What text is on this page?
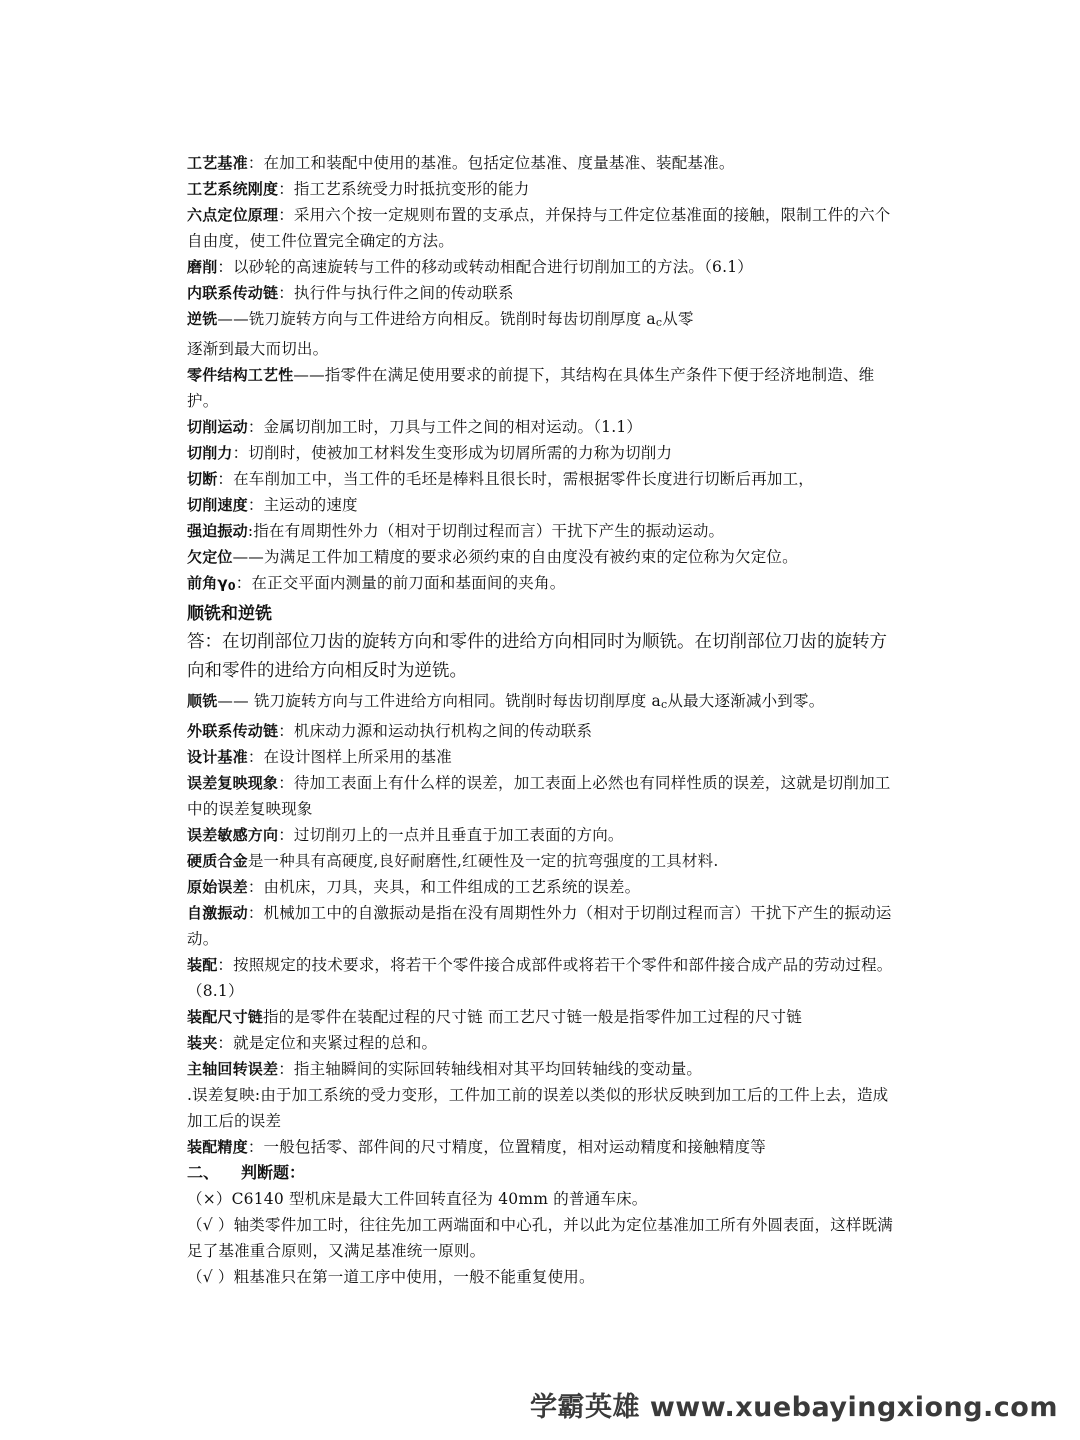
工艺基准：在加工和装配中使用的基准。包括定位基准、度量基准、装配基准。

工艺系统刚度：指工艺系统受力时抵抗变形的能力

六点定位原理：采用六个按一定规则布置的支承点，并保持与工件定位基准面的接触，限制工件的六个自由度，使工件位置完全确定的方法。

磨削：以砂轮的高速旋转与工件的移动或转动相配合进行切削加工的方法。（6.1）

内联系传动链：执行件与执行件之间的传动联系

逆铣——铣刀旋转方向与工件进给方向相反。铣削时每齿切削厚度 ac从零
逐渐到最大而切出。

零件结构工艺性——指零件在满足使用要求的前提下，其结构在具体生产条件下便于经济地制造、维护。

切削运动：金属切削加工时，刀具与工件之间的相对运动。（1.1）

切削力：切削时，使被加工材料发生变形成为切屑所需的力称为切削力

切断：在车削加工中，当工件的毛坯是棒料且很长时，需根据零件长度进行切断后再加工，

切削速度：主运动的速度

强迫振动:指在有周期性外力（相对于切削过程而言）干扰下产生的振动运动。

欠定位——为满足工件加工精度的要求必须约束的自由度没有被约束的定位称为欠定位。

前角γ0：在正交平面内测量的前刀面和基面间的夹角。

顺铣和逆铣

答：在切削部位刀齿的旋转方向和零件的进给方向相同时为顺铣。在切削部位刀齿的旋转方向和零件的进给方向相反时为逆铣。

顺铣—— 铣刀旋转方向与工件进给方向相同。铣削时每齿切削厚度 ac从最大逐渐减小到零。

外联系传动链：机床动力源和运动执行机构之间的传动联系

设计基准：在设计图样上所采用的基准

误差复映现象：待加工表面上有什么样的误差，加工表面上必然也有同样性质的误差，这就是切削加工中的误差复映现象

误差敏感方向：过切削刃上的一点并且垂直于加工表面的方向。

硬质合金是一种具有高硬度,良好耐磨性,红硬性及一定的抗弯强度的工具材料.

原始误差：由机床，刀具，夹具，和工件组成的工艺系统的误差。

自激振动：机械加工中的自激振动是指在没有周期性外力（相对于切削过程而言）干扰下产生的振动运动。

装配：按照规定的技术要求，将若干个零件接合成部件或将若干个零件和部件接合成产品的劳动过程。（8.1）

装配尺寸链指的是零件在装配过程的尺寸链 而工艺尺寸链一般是指零件加工过程的尺寸链

装夹：就是定位和夹紧过程的总和。

主轴回转误差：指主轴瞬间的实际回转轴线相对其平均回转轴线的变动量。

.误差复映:由于加工系统的受力变形，工件加工前的误差以类似的形状反映到加工后的工件上去，造成加工后的误差

装配精度：一般包括零、部件间的尺寸精度，位置精度，相对运动精度和接触精度等

二、 判断题：

（×）C6140 型机床是最大工件回转直径为 40mm 的普通车床。

（√ ）轴类零件加工时，往往先加工两端面和中心孔，并以此为定位基准加工所有外圆表面，这样既满足了基准重合原则，又满足基准统一原则。

（√ ）粗基准只在第一道工序中使用，一般不能重复使用。

学霸英雄 www.xuebayingxiong.com
